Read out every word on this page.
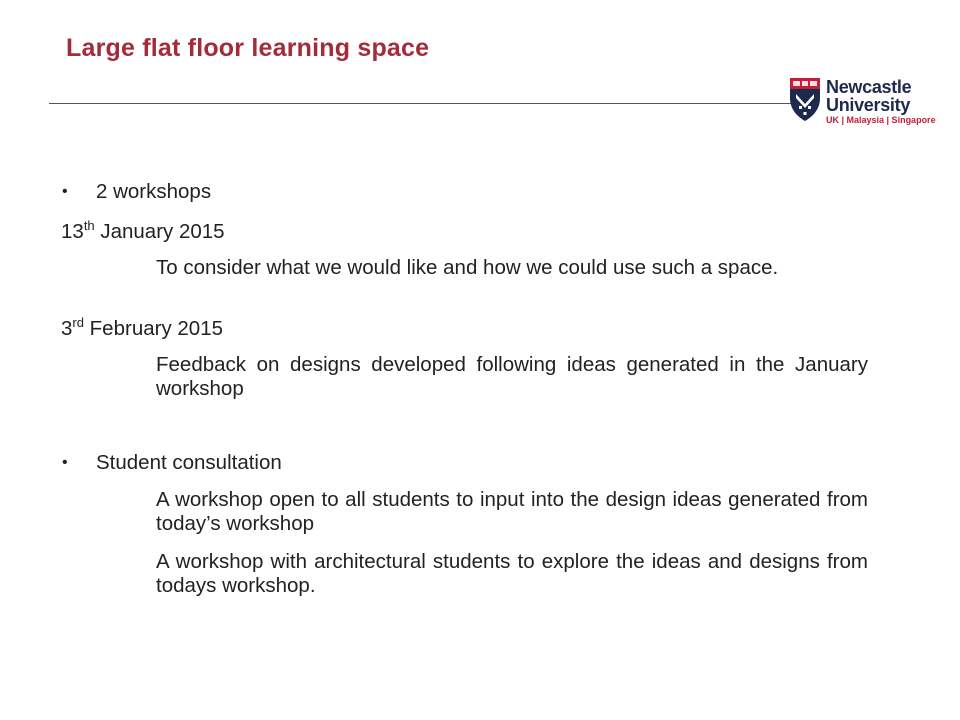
Large flat floor learning space
Newcastle
University
UK | Malaysia | Singapore
• 2 workshops
13th January 2015
To consider what we would like and how we could use such a space.
3rd February 2015
Feedback on designs developed following ideas generated in the January workshop
• Student consultation
A workshop open to all students to input into the design ideas generated from today’s workshop
A workshop with architectural students to explore the ideas and designs from todays workshop.
